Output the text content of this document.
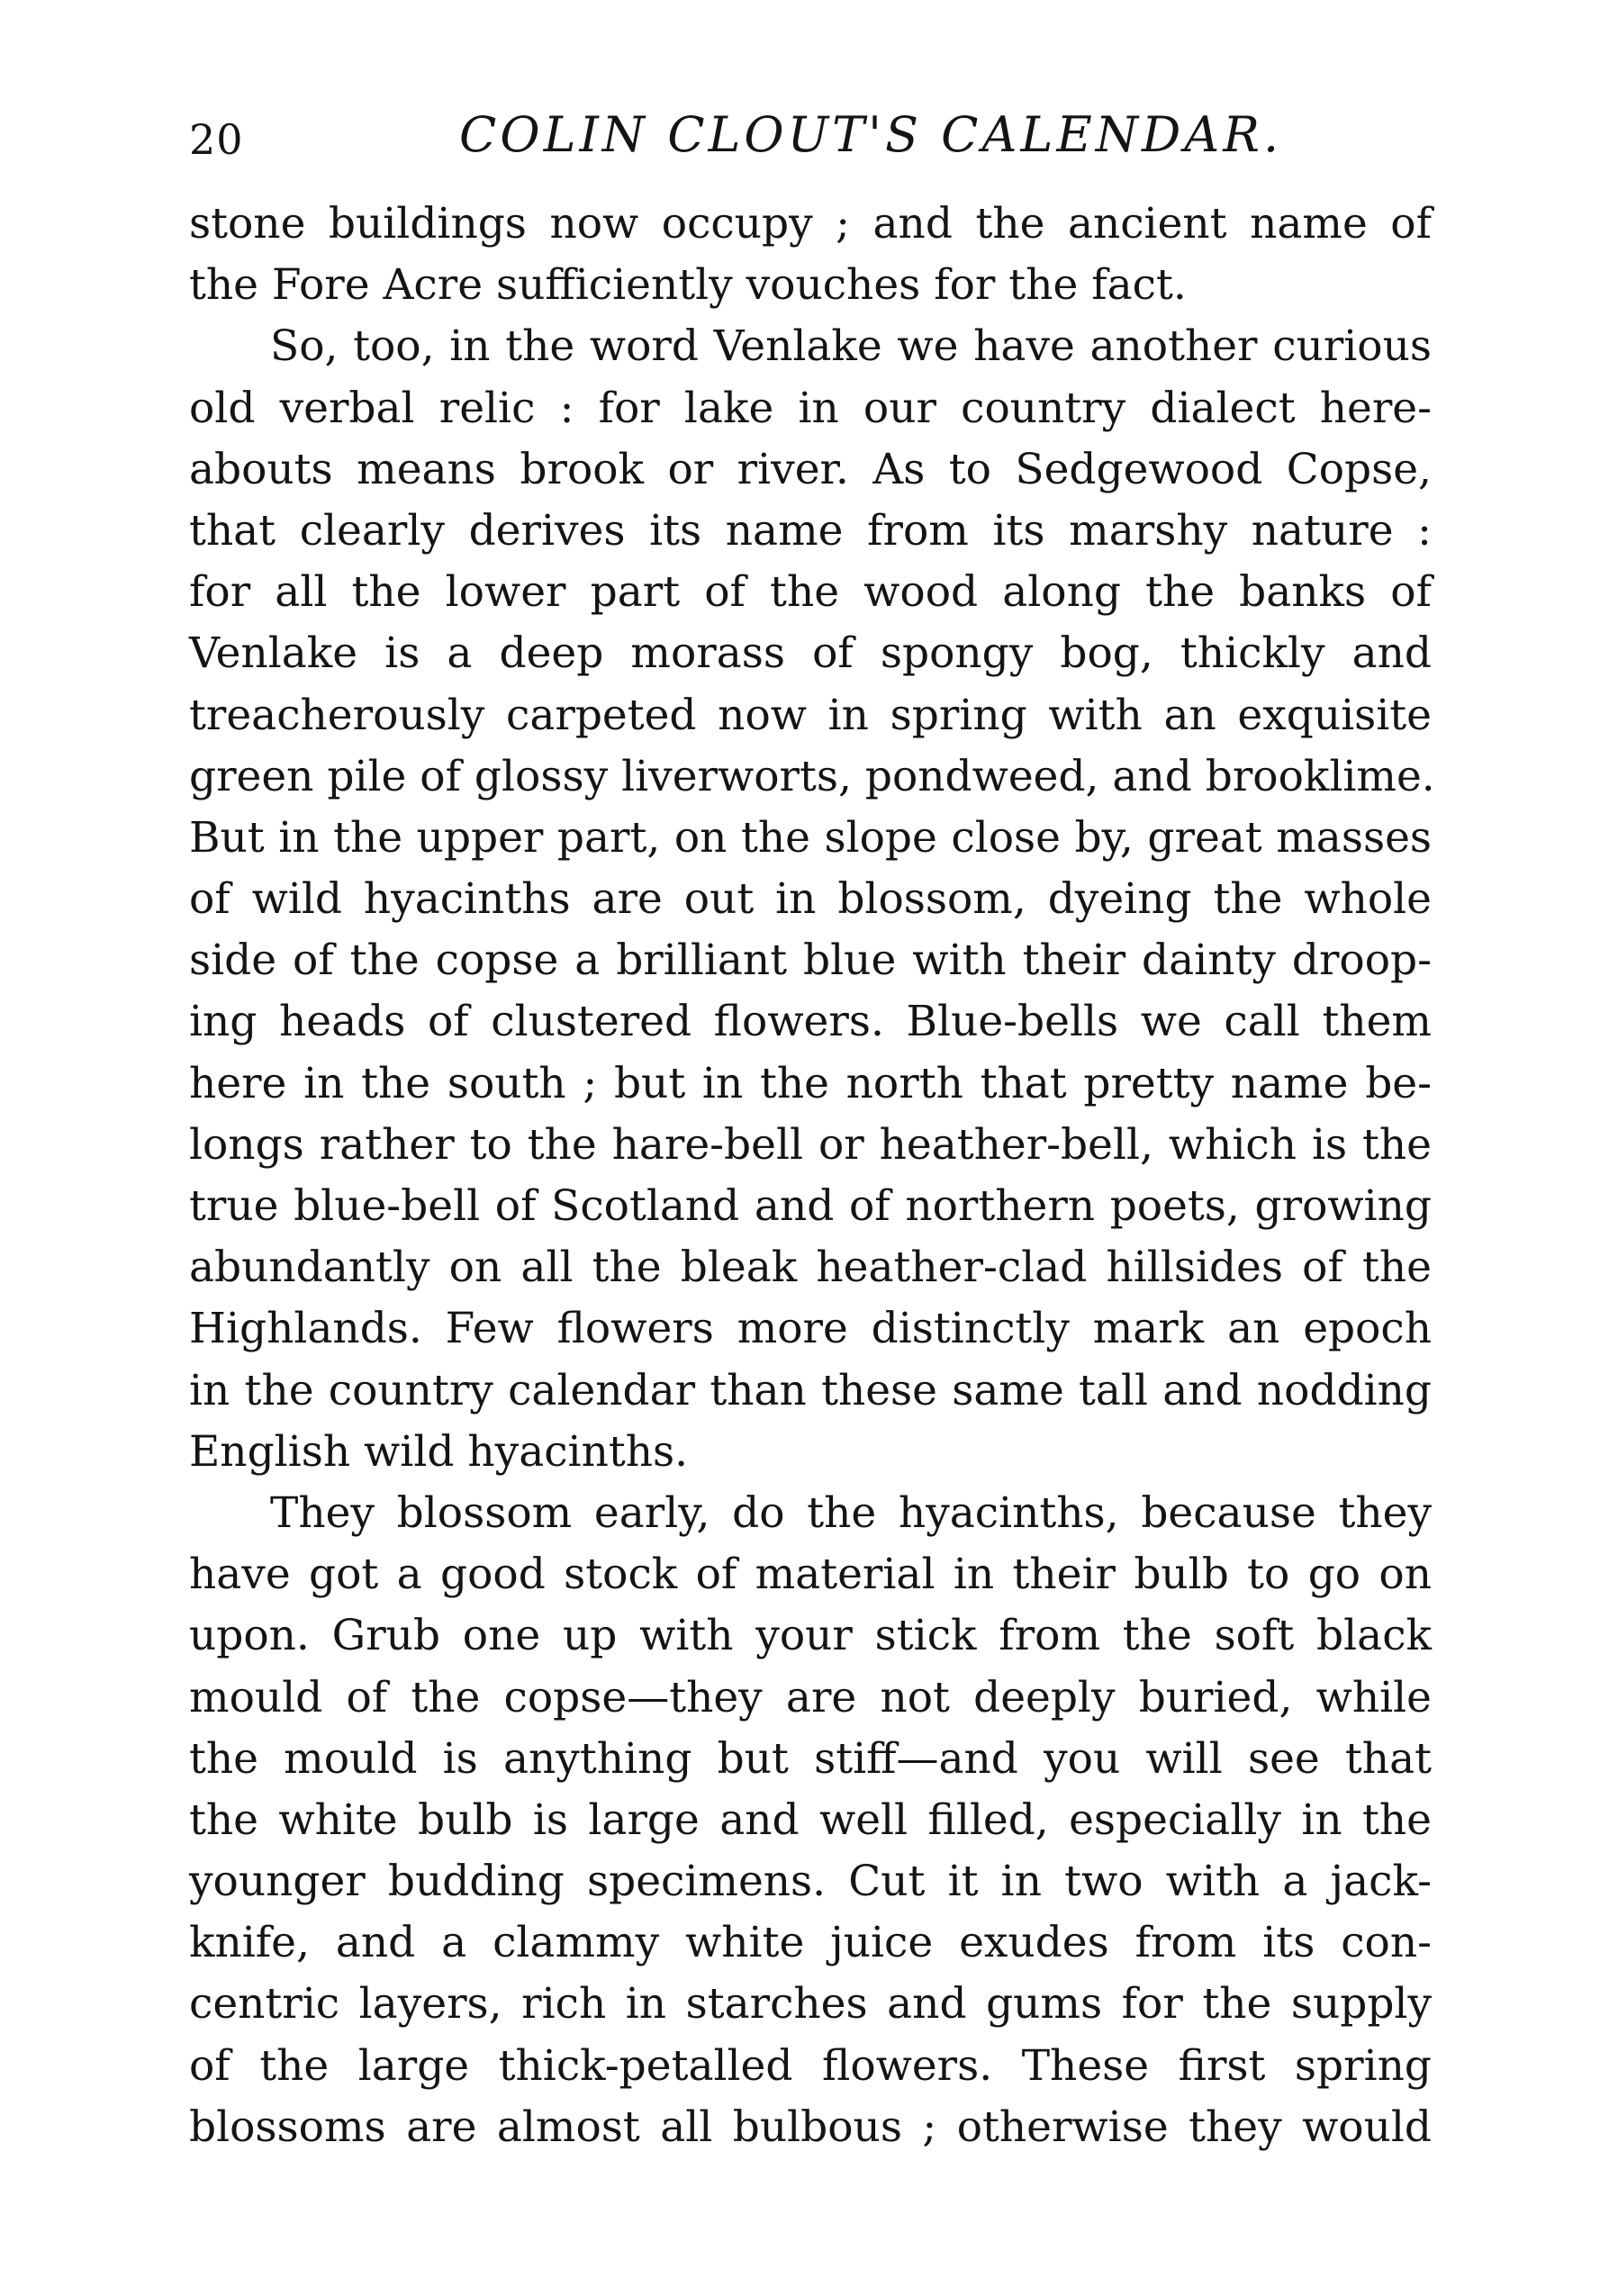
20	COLIN CLOUT'S CALENDAR.
stone buildings now occupy ; and the ancient name of
the Fore Acre sufficiently vouches for the fact.
So, too, in the word Venlake we have another curious
old verbal relic : for lake in our country dialect here-
abouts means brook or river. As to Sedgewood Copse,
that clearly derives its name from its marshy nature :
for all the lower part of the wood along the banks of
Venlake is a deep morass of spongy bog, thickly and
treacherously carpeted now in spring with an exquisite
green pile of glossy liverworts, pondweed, and brooklime.
But in the upper part, on the slope close by, great masses
of wild hyacinths are out in blossom, dyeing the whole
side of the copse a brilliant blue with their dainty droop-
ing heads of clustered flowers. Blue-bells we call them
here in the south ; but in the north that pretty name be-
longs rather to the hare-bell or heather-bell, which is the
true blue-bell of Scotland and of northern poets, growing
abundantly on all the bleak heather-clad hillsides of the
Highlands. Few flowers more distinctly mark an epoch
in the country calendar than these same tall and nodding
English wild hyacinths.
They blossom early, do the hyacinths, because they
have got a good stock of material in their bulb to go on
upon. Grub one up with your stick from the soft black
mould of the copse—they are not deeply buried, while
the mould is anything but stiff—and you will see that
the white bulb is large and well filled, especially in the
younger budding specimens. Cut it in two with a jack-
knife, and a clammy white juice exudes from its con-
centric layers, rich in starches and gums for the supply
of the large thick-petalled flowers. These first spring
blossoms are almost all bulbous ; otherwise they would
